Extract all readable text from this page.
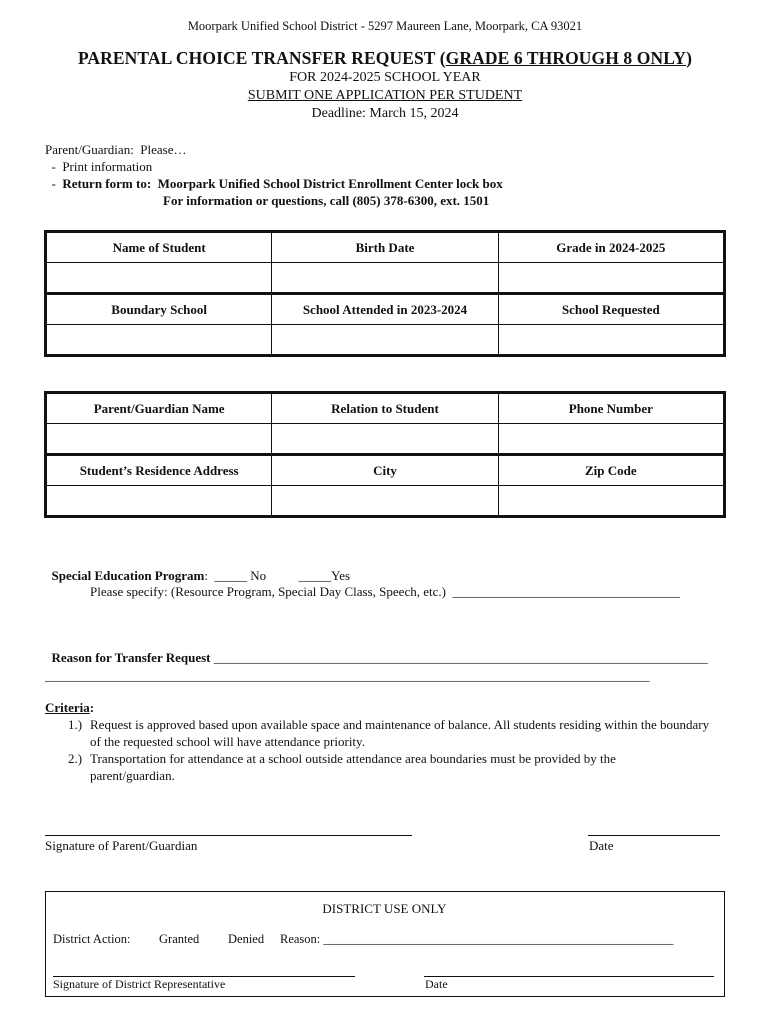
Moorpark Unified School District - 5297 Maureen Lane, Moorpark, CA 93021
PARENTAL CHOICE TRANSFER REQUEST (GRADE 6 THROUGH 8 ONLY)
FOR 2024-2025 SCHOOL YEAR
SUBMIT ONE APPLICATION PER STUDENT
Deadline: March 15, 2024
Parent/Guardian:  Please…
-  Print information
-  Return form to:  Moorpark Unified School District Enrollment Center lock box
For information or questions, call (805) 378-6300, ext. 1501
Name of Student	Birth Date	Grade in 2024-2025

Boundary School	School Attended in 2023-2024	School Requested

Parent/Guardian Name	Relation to Student	Phone Number

Student’s Residence Address	City	Zip Code

Special Education Program:  _____ No          _____Yes

Please specify: (Resource Program, Special Day Class, Speech, etc.)  ___________________________________

Reason for Transfer Request ____________________________________________________________________________

_____________________________________________________________________________________________
Criteria:
1.) Request is approved based upon available space and maintenance of balance. All students residing within the boundary of the requested school will have attendance priority.
2.) Transportation for attendance at a school outside attendance area boundaries must be provided by the parent/guardian.
Signature of Parent/Guardian	Date
DISTRICT USE ONLY
District Action: Granted Denied Reason: ________________________________________________________
Signature of District Representative	Date
